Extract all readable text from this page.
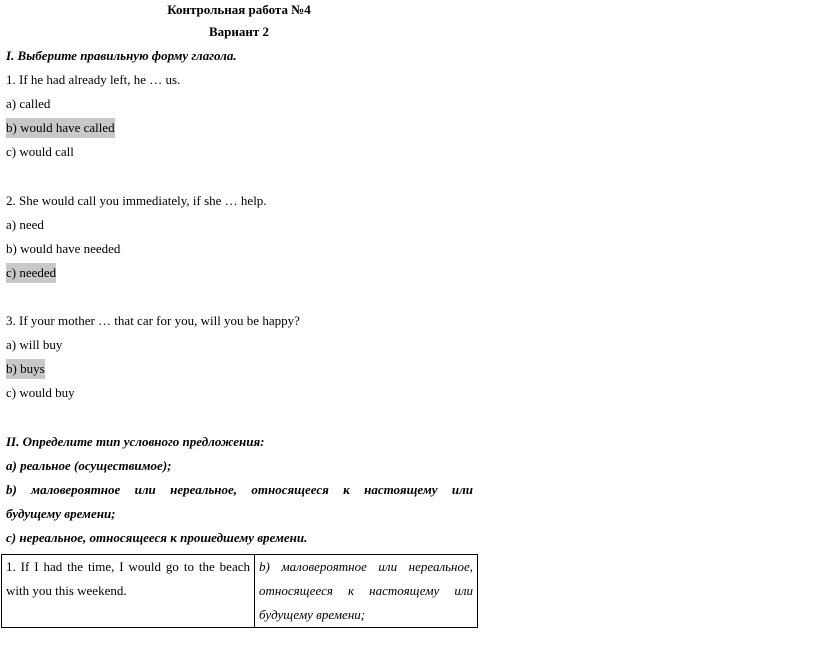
Контрольная работа №4
Вариант 2
I. Выберите правильную форму глагола.
1. If he had already left, he … us.
a) called
b) would have called
c) would call
2. She would call you immediately, if she … help.
a) need
b) would have needed
c) needed
3. If your mother … that car for you, will you be happy?
a) will buy
b) buys
c) would buy
II. Определите тип условного предложения:
а) реальное (осуществимое);
b) маловероятное или нереальное, относящееся к настоящему или
будущему времени;
с) нереальное, относящееся к прошедшему времени.
1. If I had the time, I would go to the beach with you this weekend.	b) маловероятное или нереальное, относящееся к настоящему или будущему времени;
